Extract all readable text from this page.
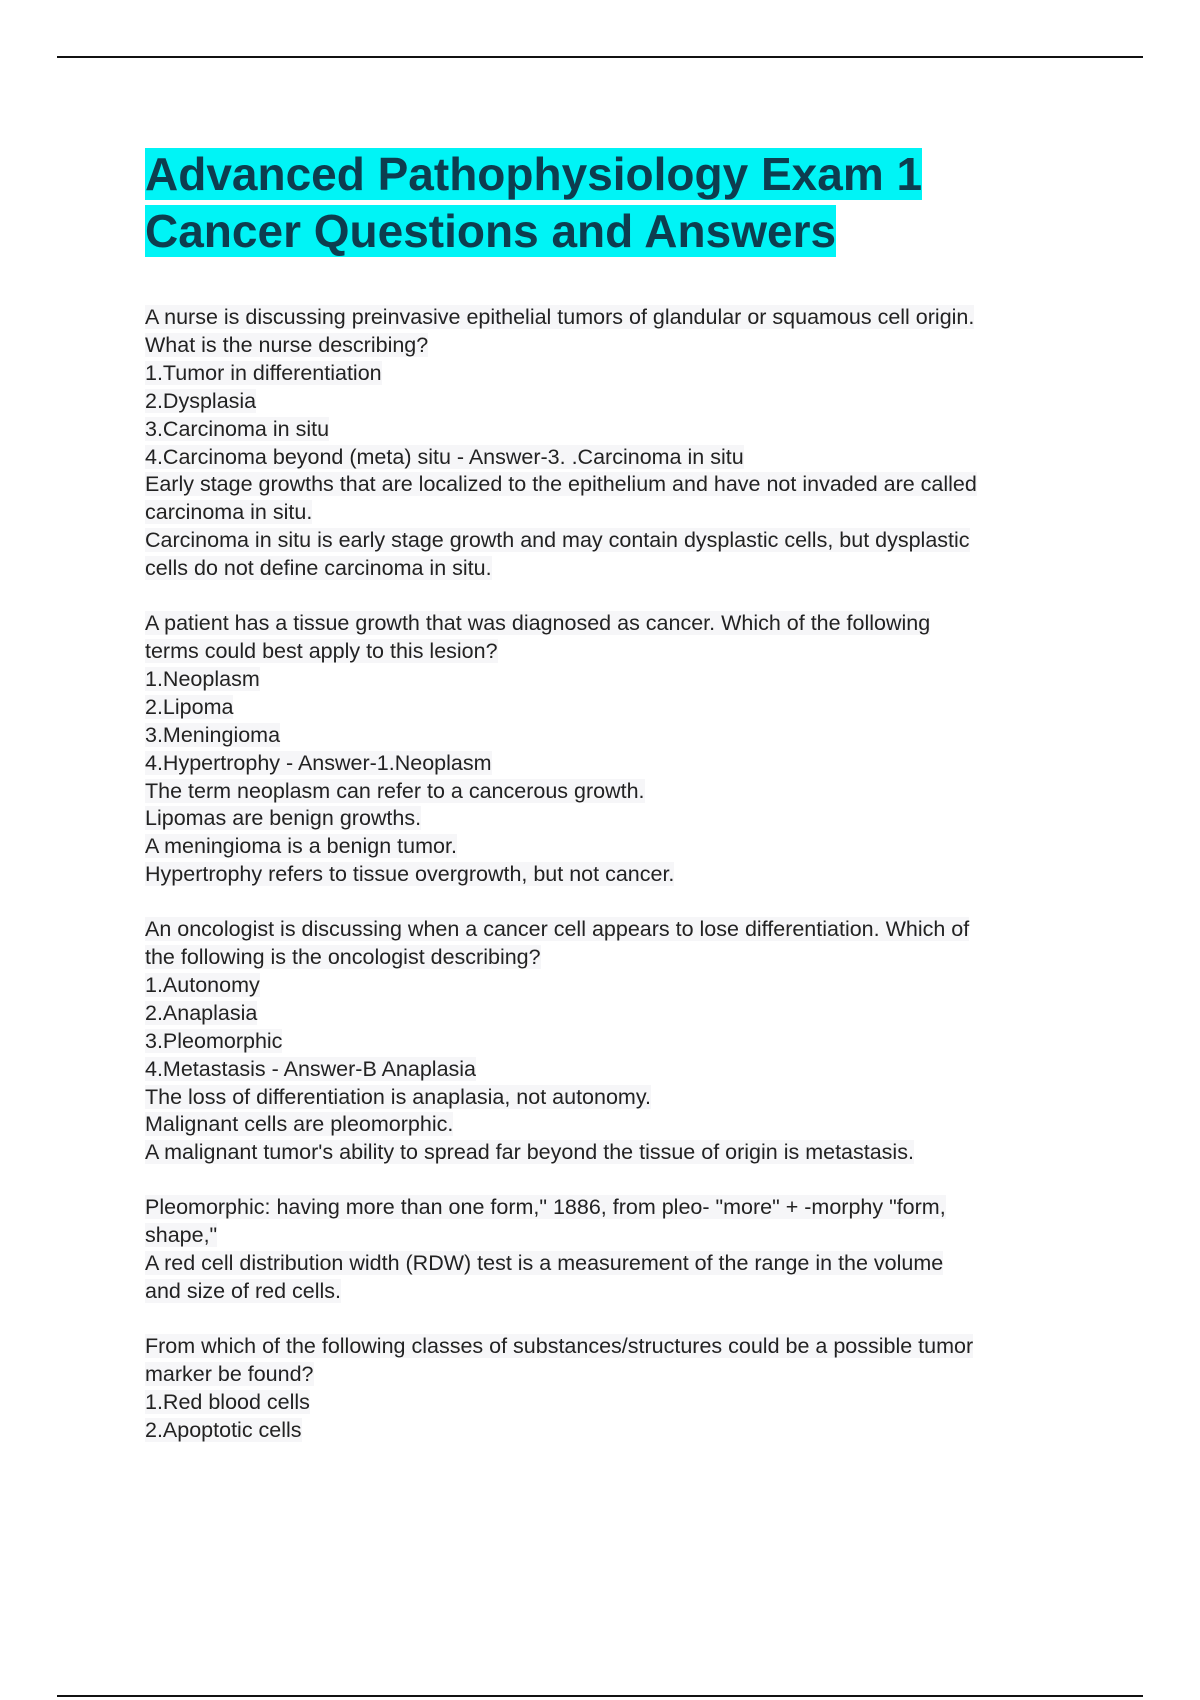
Advanced Pathophysiology Exam 1
Cancer Questions and Answers
A nurse is discussing preinvasive epithelial tumors of glandular or squamous cell origin.
What is the nurse describing?
1.Tumor in differentiation
2.Dysplasia
3.Carcinoma in situ
4.Carcinoma beyond (meta) situ - Answer-3. .Carcinoma in situ
Early stage growths that are localized to the epithelium and have not invaded are called
carcinoma in situ.
Carcinoma in situ is early stage growth and may contain dysplastic cells, but dysplastic
cells do not define carcinoma in situ.
A patient has a tissue growth that was diagnosed as cancer. Which of the following
terms could best apply to this lesion?
1.Neoplasm
2.Lipoma
3.Meningioma
4.Hypertrophy - Answer-1.Neoplasm
The term neoplasm can refer to a cancerous growth.
Lipomas are benign growths.
A meningioma is a benign tumor.
Hypertrophy refers to tissue overgrowth, but not cancer.
An oncologist is discussing when a cancer cell appears to lose differentiation. Which of
the following is the oncologist describing?
1.Autonomy
2.Anaplasia
3.Pleomorphic
4.Metastasis - Answer-B Anaplasia
The loss of differentiation is anaplasia, not autonomy.
Malignant cells are pleomorphic.
A malignant tumor's ability to spread far beyond the tissue of origin is metastasis.
Pleomorphic: having more than one form," 1886, from pleo- "more" + -morphy "form,
shape,"
A red cell distribution width (RDW) test is a measurement of the range in the volume
and size of red cells.
From which of the following classes of substances/structures could be a possible tumor
marker be found?
1.Red blood cells
2.Apoptotic cells
